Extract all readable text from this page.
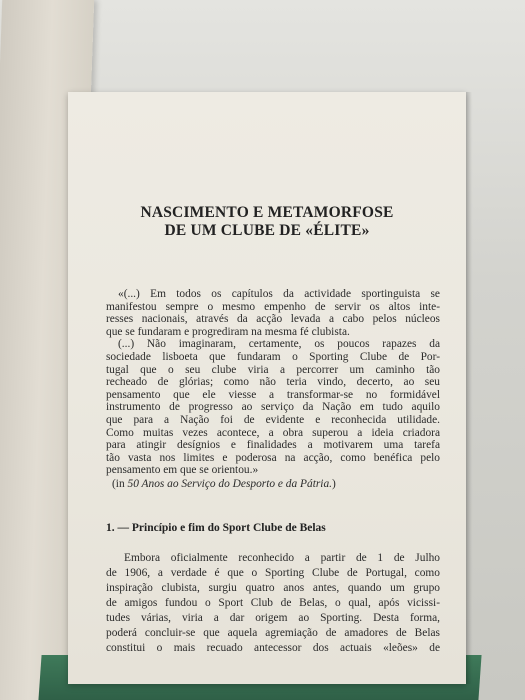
NASCIMENTO E METAMORFOSE
DE UM CLUBE DE «ÉLITE»

«(...) Em todos os capítulos da actividade sportinguista se

manifestou sempre o mesmo empenho de servir os altos inte-

resses nacionais, através da acção levada a cabo pelos núcleos

que se fundaram e progrediram na mesma fé clubista.

(...) Não imaginaram, certamente, os poucos rapazes da

sociedade lisboeta que fundaram o Sporting Clube de Por-

tugal que o seu clube viria a percorrer um caminho tão

recheado de glórias; como não teria vindo, decerto, ao seu

pensamento que ele viesse a transformar-se no formidável

instrumento de progresso ao serviço da Nação em tudo aquilo

que para a Nação foi de evidente e reconhecida utilidade.

Como muitas vezes acontece, a obra superou a ideia criadora

para atingir desígnios e finalidades a motivarem uma tarefa

tão vasta nos limites e poderosa na acção, como benéfica pelo

pensamento em que se orientou.»

(in 50 Anos ao Serviço do Desporto e da Pátria.)

1. — Princípio e fim do Sport Clube de Belas

Embora oficialmente reconhecido a partir de 1 de Julho

de 1906, a verdade é que o Sporting Clube de Portugal, como

inspiração clubista, surgiu quatro anos antes, quando um grupo

de amigos fundou o Sport Club de Belas, o qual, após vicissi-

tudes várias, viria a dar origem ao Sporting. Desta forma,

poderá concluir-se que aquela agremiação de amadores de Belas

constitui o mais recuado antecessor dos actuais «leões» de
